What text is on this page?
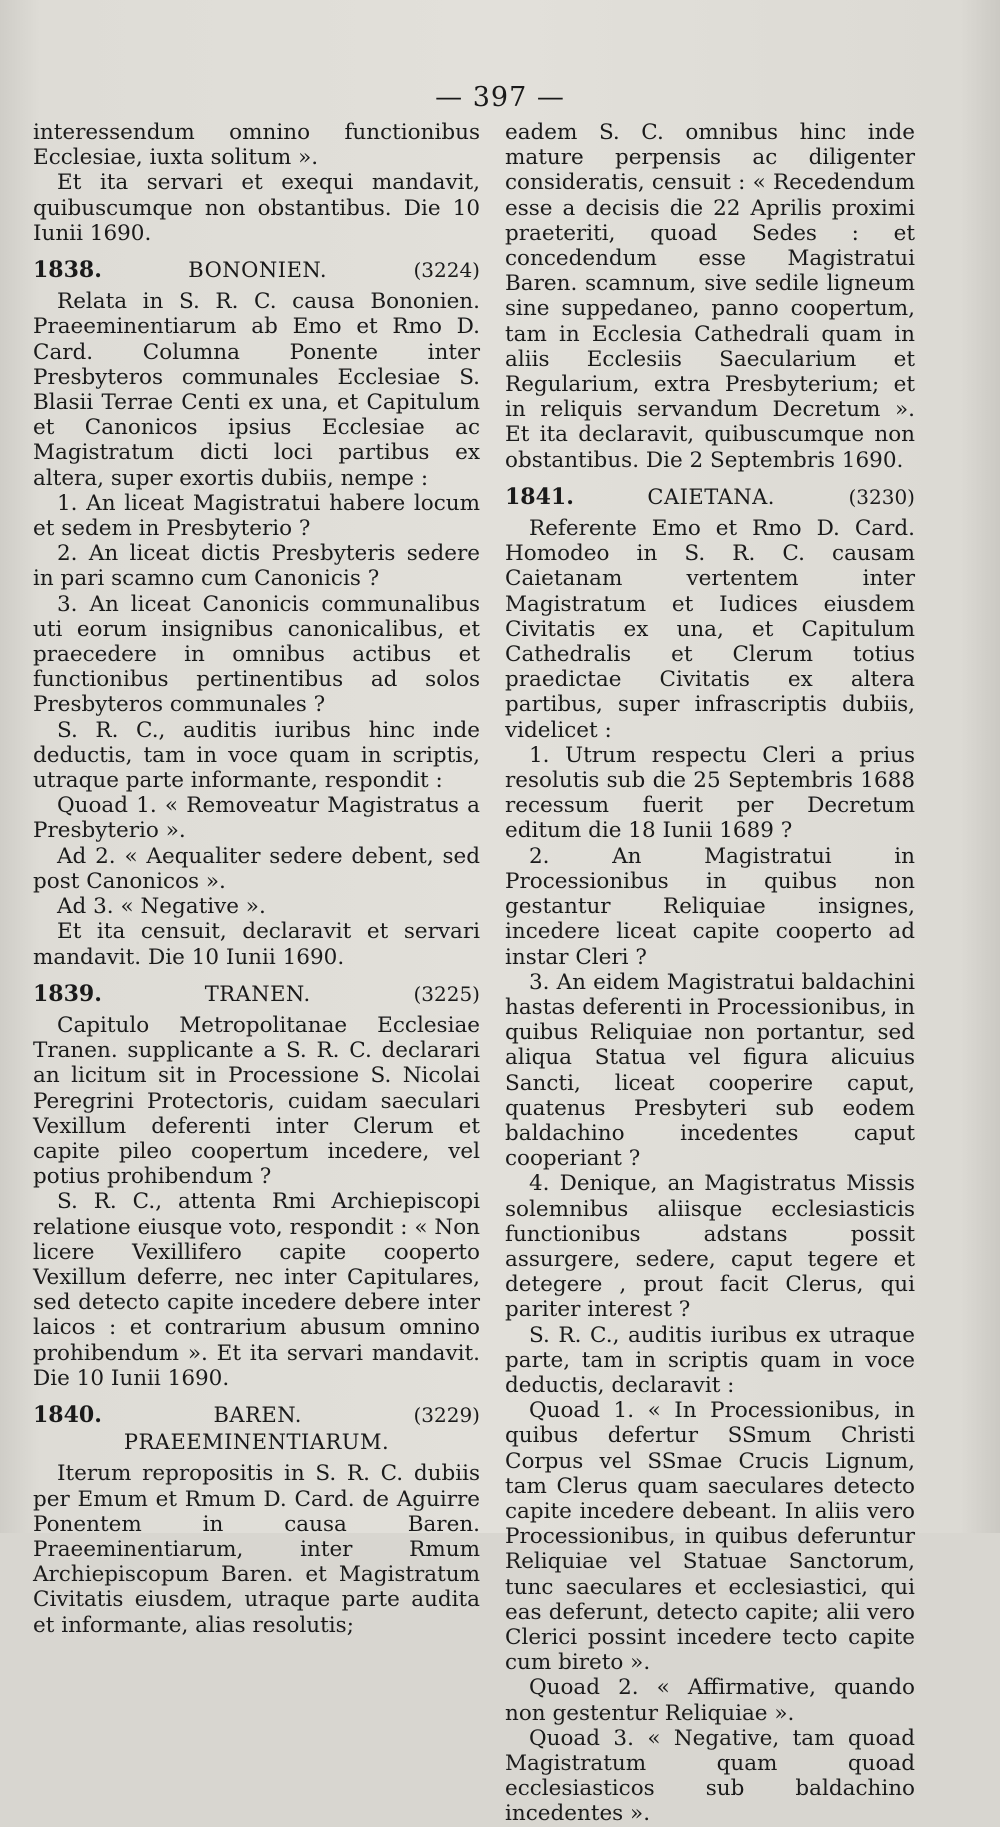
— 397 —

interessendum omnino functionibus Ecclesiae, iuxta solitum ».

Et ita servari et exequi mandavit, quibuscumque non obstantibus. Die 10 Iunii 1690.

1838.	BONONIEN.	(3224)

Relata in S. R. C. causa Bononien. Praeeminentiarum ab Emo et Rmo D. Card. Columna Ponente inter Presbyteros communales Ecclesiae S. Blasii Terrae Centi ex una, et Capitulum et Canonicos ipsius Ecclesiae ac Magistratum dicti loci partibus ex altera, super exortis dubiis, nempe :

1. An liceat Magistratui habere locum et sedem in Presbyterio ?

2. An liceat dictis Presbyteris sedere in pari scamno cum Canonicis ?

3. An liceat Canonicis communalibus uti eorum insignibus canonicalibus, et praecedere in omnibus actibus et functionibus pertinentibus ad solos Presbyteros communales ?

S. R. C., auditis iuribus hinc inde deductis, tam in voce quam in scriptis, utraque parte informante, respondit :

Quoad 1. « Removeatur Magistratus a Presbyterio ».

Ad 2. « Aequaliter sedere debent, sed post Canonicos ».

Ad 3. « Negative ».

Et ita censuit, declaravit et servari mandavit. Die 10 Iunii 1690.

1839.	TRANEN.	(3225)

Capitulo Metropolitanae Ecclesiae Tranen. supplicante a S. R. C. declarari an licitum sit in Processione S. Nicolai Peregrini Protectoris, cuidam saeculari Vexillum deferenti inter Clerum et capite pileo coopertum incedere, vel potius prohibendum ?

S. R. C., attenta Rmi Archiepiscopi relatione eiusque voto, respondit : « Non licere Vexillifero capite cooperto Vexillum deferre, nec inter Capitulares, sed detecto capite incedere debere inter laicos : et contrarium abusum omnino prohibendum ». Et ita servari mandavit. Die 10 Iunii 1690.

1840.	BAREN.	(3229)
PRAEEMINENTIARUM.

Iterum repropositis in S. R. C. dubiis per Emum et Rmum D. Card. de Aguirre Ponentem in causa Baren. Praeeminentiarum, inter Rmum Archiepiscopum Baren. et Magistratum Civitatis eiusdem, utraque parte audita et informante, alias resolutis;

eadem S. C. omnibus hinc inde mature perpensis ac diligenter consideratis, censuit : « Recedendum esse a decisis die 22 Aprilis proximi praeteriti, quoad Sedes : et concedendum esse Magistratui Baren. scamnum, sive sedile ligneum sine suppedaneo, panno coopertum, tam in Ecclesia Cathedrali quam in aliis Ecclesiis Saecularium et Regularium, extra Presbyterium; et in reliquis servandum Decretum ». Et ita declaravit, quibuscumque non obstantibus. Die 2 Septembris 1690.

1841.	CAIETANA.	(3230)

Referente Emo et Rmo D. Card. Homodeo in S. R. C. causam Caietanam vertentem inter Magistratum et Iudices eiusdem Civitatis ex una, et Capitulum Cathedralis et Clerum totius praedictae Civitatis ex altera partibus, super infrascriptis dubiis, videlicet :

1. Utrum respectu Cleri a prius resolutis sub die 25 Septembris 1688 recessum fuerit per Decretum editum die 18 Iunii 1689 ?

2. An Magistratui in Processionibus in quibus non gestantur Reliquiae insignes, incedere liceat capite cooperto ad instar Cleri ?

3. An eidem Magistratui baldachini hastas deferenti in Processionibus, in quibus Reliquiae non portantur, sed aliqua Statua vel figura alicuius Sancti, liceat cooperire caput, quatenus Presbyteri sub eodem baldachino incedentes caput cooperiant ?

4. Denique, an Magistratus Missis solemnibus aliisque ecclesiasticis functionibus adstans possit assurgere, sedere, caput tegere et detegere , prout facit Clerus, qui pariter interest ?

S. R. C., auditis iuribus ex utraque parte, tam in scriptis quam in voce deductis, declaravit :

Quoad 1. « In Processionibus, in quibus defertur SSmum Christi Corpus vel SSmae Crucis Lignum, tam Clerus quam saeculares detecto capite incedere debeant. In aliis vero Processionibus, in quibus deferuntur Reliquiae vel Statuae Sanctorum, tunc saeculares et ecclesiastici, qui eas deferunt, detecto capite; alii vero Clerici possint incedere tecto capite cum bireto ».

Quoad 2. « Affirmative, quando non gestentur Reliquiae ».

Quoad 3. « Negative, tam quoad Magistratum quam quoad ecclesiasticos sub baldachino incedentes ».
